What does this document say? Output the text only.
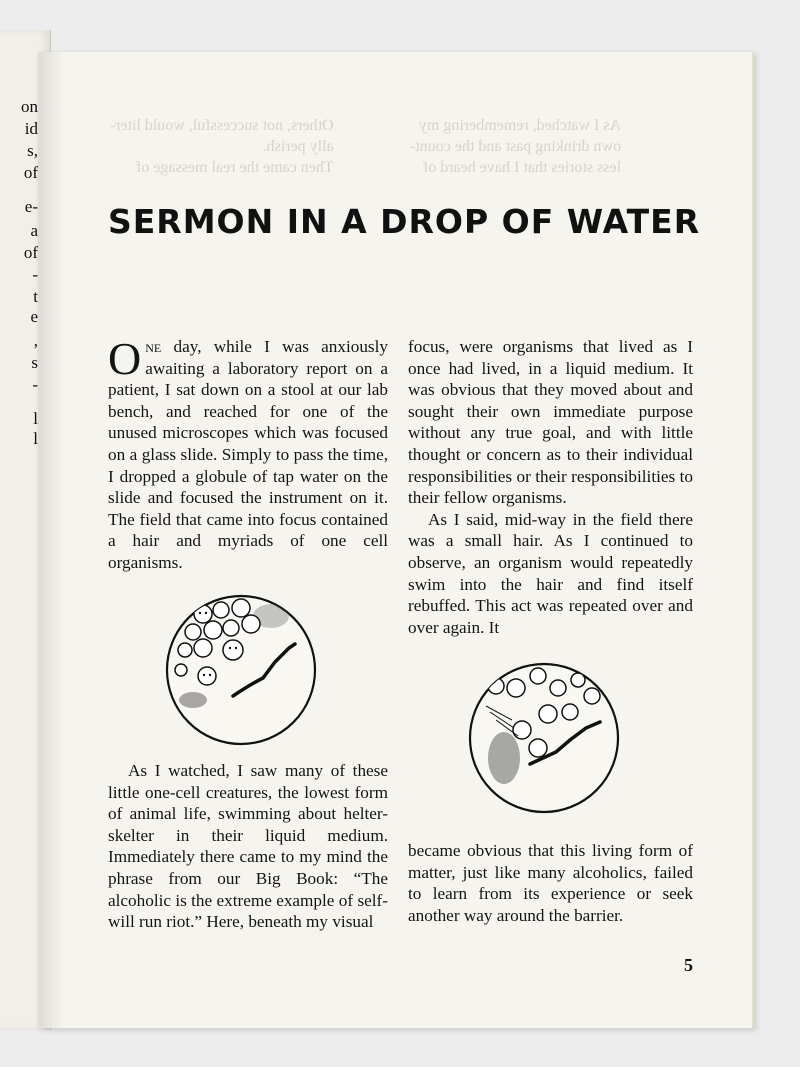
on
id
s,
of
e-
a
of
-
t
e
,
s
-
l
l
Others, not successful, would liter-
ally perish.
Then came the real message of
As I watched, remembering my
own drinking past and the count-
less stories that I have heard of
SERMON IN A DROP OF WATER

One day, while I was anxiously awaiting a laboratory report on a patient, I sat down on a stool at our lab bench, and reached for one of the unused microscopes which was focused on a glass slide. Simply to pass the time, I dropped a globule of tap water on the slide and focused the instrument on it. The field that came into focus contained a hair and myriads of one cell organisms.

As I watched, I saw many of these little one-cell creatures, the lowest form of animal life, swimming about helter-skelter in their liquid medium. Immediately there came to my mind the phrase from our Big Book: “The alcoholic is the extreme example of self-will run riot.” Here, beneath my visual

focus, were organisms that lived as I once had lived, in a liquid medium. It was obvious that they moved about and sought their own immediate purpose without any true goal, and with little thought or concern as to their individual responsibilities or their responsibilities to their fellow organisms.

As I said, mid-way in the field there was a small hair. As I continued to observe, an organism would repeatedly swim into the hair and find itself rebuffed. This act was repeated over and over again. It

became obvious that this living form of matter, just like many alcoholics, failed to learn from its experience or seek another way around the barrier.

5
